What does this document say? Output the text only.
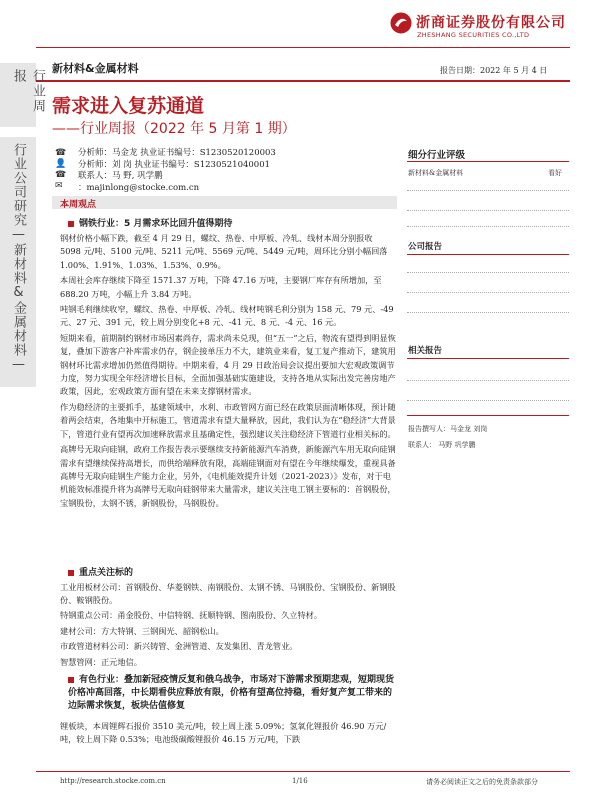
浙商证券股份有限公司
ZHESHANG SECURITIES CO.,LTD
新材料&金属材料	报告日期：2022 年 5 月 4 日
行业周报
行业公司研究—新材料&金属材料—
需求进入复苏通道
——行业周报（2022 年 5 月第 1 期）
☎
👤
☎
✉
分析师：马金龙 执业证书编号：S1230520120003
分析师：刘 岗 执业证书编号：S1230521040001
联系人：马 野, 巩学鹏
：majinlong@stocke.com.cn
本周观点
钢铁行业：5 月需求环比回升值得期待

钢材价格小幅下跌，截至 4 月 29 日，螺纹、热卷、中厚板、冷轧、线材本周分别报收 5098 元/吨、5100 元/吨、5211 元/吨、5569 元/吨、5449 元/吨，周环比分别小幅回落 1.00%、1.91%、1.03%、1.53%、0.9%。

本周社会库存继续下降至 1571.37 万吨，下降 47.16 万吨，主要钢厂库存有所增加，至 688.20 万吨，小幅上升 3.84 万吨。

吨钢毛利继续收窄，螺纹、热卷、中厚板、冷轧、线材吨钢毛利分别为 158 元、79 元、-49 元、27 元、391 元，较上周分别变化+8 元、-41 元、8 元、-4 元、16 元。

短期来看，前期制约钢材市场因素尚存，需求尚未兑现，但“五一”之后，物流有望得到明显恢复，叠加下游客户补库需求仍存，钢企接单压力不大，建筑业来看，复工复产推动下，建筑用钢材环比需求增加仍然值得期待。中期来看，4 月 29 日政治局会议提出要加大宏观政策调节力度，努力实现全年经济增长目标，全面加强基础实施建设，支持各地从实际出发完善房地产政策，因此，宏观政策方面有望在未来支撑钢材需求。

作为稳经济的主要抓手，基建领域中，水利、市政管网方面已经在政策层面清晰体现，预计随着两会结束，各地集中开标施工，管道需求有望大量释放，因此，我们认为在“稳经济”大背景下，管道行业有望再次加速释放需求且基确定性，强烈建议关注稳经济下管道行业相关标的。

高牌号无取向硅钢，政府工作报告表示要继续支持新能源汽车消费，新能源汽车用无取向硅钢需求有望继续保持高增长，而供给端释放有限，高端硅钢面对有望在今年继续爆发，重视具备高牌号无取向硅钢生产能力企业，另外，《电机能效提升计划（2021-2023）》发布，对于电机能效标准提升将为高牌号无取向硅钢带来大量需求，建议关注电工钢主要标的：首钢股份，宝钢股份，太钢不锈，新钢股份，马钢股份。

重点关注标的

工业用板材公司：首钢股份、华菱钢铁、南钢股份、太钢不锈、马钢股份、宝钢股份、新钢股份、鞍钢股份。

特钢重点公司：甬金股份、中信特钢、抚顺特钢、图南股份、久立特材。

建材公司：方大特钢、三钢闽光、韶钢松山。

市政管道材料公司：新兴铸管、金洲管道、友发集团、青龙管业。

智慧管网：正元地信。

有色行业：叠加新冠疫情反复和俄乌战争，市场对下游需求预期悲观，短期现货价格冲高回落，中长期看供应释放有限，价格有望高位持稳，看好复产复工带来的边际需求恢复，板块估值修复
锂板块，本周锂辉石报价 3510 美元/吨，较上周上涨 5.09%；氢氧化锂报价 46.90 万元/吨，较上周下降 0.53%；电池级碳酸锂报价 46.15 万元/吨，下跌
细分行业评级
新材料&金属材料	看好
公司报告
相关报告
报告撰写人：马金龙 刘岗
联系人： 马野 巩学鹏
http://research.stocke.com.cn	1/16	请务必阅读正文之后的免责条款部分
